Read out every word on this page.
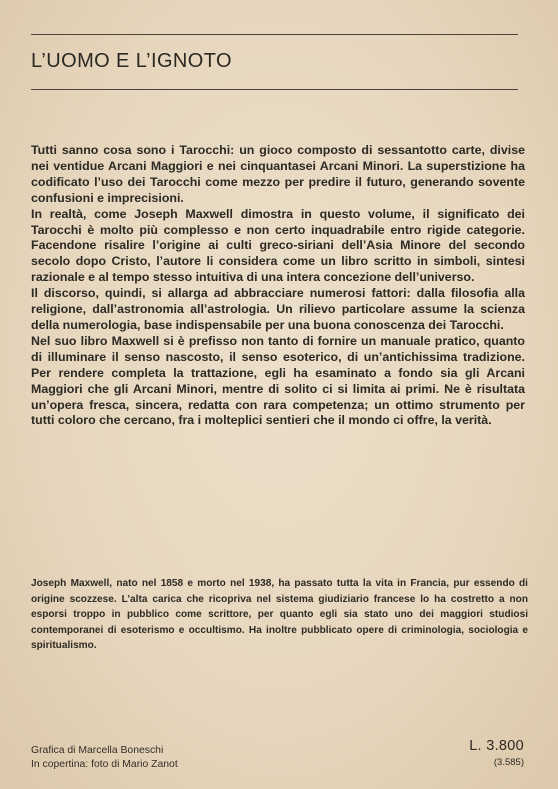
L’UOMO E L’IGNOTO

Tutti sanno cosa sono i Tarocchi: un gioco composto di sessantotto carte, divise nei ventidue Arcani Maggiori e nei cinquantasei Arcani Minori. La superstizione ha codificato l’uso dei Tarocchi come mezzo per predire il futuro, generando sovente confusioni e imprecisioni.

In realtà, come Joseph Maxwell dimostra in questo volume, il significato dei Tarocchi è molto più complesso e non certo inquadrabile entro rigide categorie. Facendone risalire l’origine ai culti greco-siriani dell’Asia Minore del secondo secolo dopo Cristo, l’autore li considera come un libro scritto in simboli, sintesi razionale e al tempo stesso intuitiva di una intera concezione dell’universo.

Il discorso, quindi, si allarga ad abbracciare numerosi fattori: dalla filosofia alla religione, dall’astronomia all’astrologia. Un rilievo particolare assume la scienza della numerologia, base indispensabile per una buona conoscenza dei Tarocchi.

Nel suo libro Maxwell si è prefisso non tanto di fornire un manuale pratico, quanto di illuminare il senso nascosto, il senso esoterico, di un’antichissima tradizione. Per rendere completa la trattazione, egli ha esaminato a fondo sia gli Arcani Maggiori che gli Arcani Minori, mentre di solito ci si limita ai primi. Ne è risultata un’opera fresca, sincera, redatta con rara competenza; un ottimo strumento per tutti coloro che cercano, fra i molteplici sentieri che il mondo ci offre, la verità.

Joseph Maxwell, nato nel 1858 e morto nel 1938, ha passato tutta la vita in Francia, pur essendo di origine scozzese. L’alta carica che ricopriva nel sistema giudiziario francese lo ha costretto a non esporsi troppo in pubblico come scrittore, per quanto egli sia stato uno dei maggiori studiosi contemporanei di esoterismo e occultismo. Ha inoltre pubblicato opere di criminologia, sociologia e spiritualismo.

Grafica di Marcella Boneschi
In copertina: foto di Mario Zanot
L. 3.800
(3.585)
